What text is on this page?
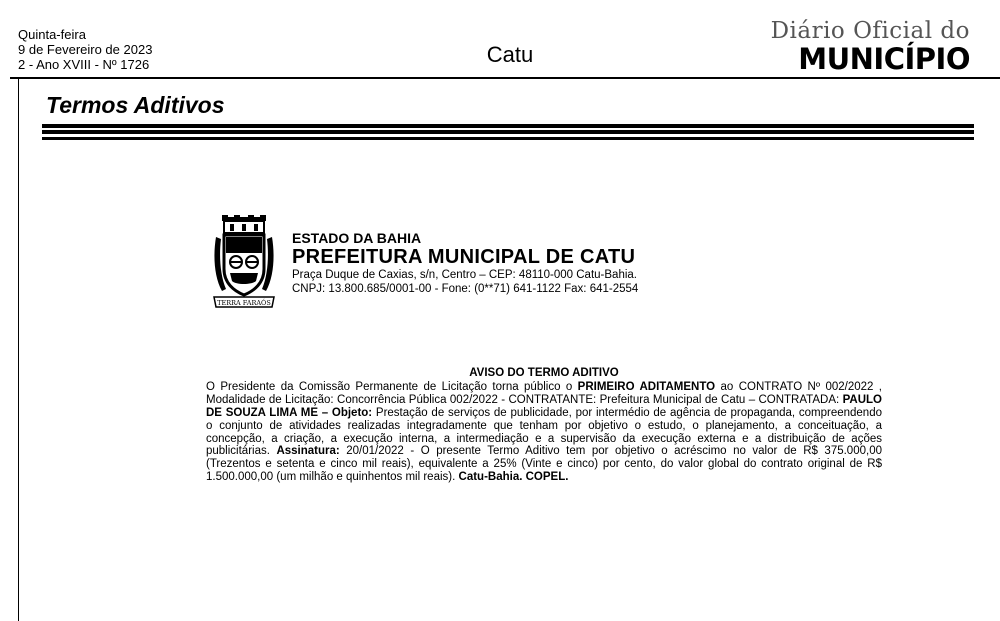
Quinta-feira
9 de Fevereiro de 2023
2 - Ano XVIII - Nº 1726	Catu
Diário Oficial do
MUNICÍPIO
Termos Aditivos
TERRA FARAÓS
ESTADO DA BAHIA
PREFEITURA MUNICIPAL DE CATU
Praça Duque de Caxias, s/n, Centro – CEP: 48110-000 Catu-Bahia.
CNPJ: 13.800.685/0001-00 - Fone: (0**71) 641-1122 Fax: 641-2554
AVISO DO TERMO ADITIVO

O Presidente da Comissão Permanente de Licitação torna público o PRIMEIRO ADITAMENTO ao CONTRATO Nº 002/2022 , Modalidade de Licitação: Concorrência Pública 002/2022 - CONTRATANTE: Prefeitura Municipal de Catu – CONTRATADA: PAULO DE SOUZA LIMA ME – Objeto: Prestação de serviços de publicidade, por intermédio de agência de propaganda, compreendendo o conjunto de atividades realizadas integradamente que tenham por objetivo o estudo, o planejamento, a conceituação, a concepção, a criação, a execução interna, a intermediação e a supervisão da execução externa e a distribuição de ações publicitárias. Assinatura: 20/01/2022 - O presente Termo Aditivo tem por objetivo o acréscimo no valor de R$ 375.000,00 (Trezentos e setenta e cinco mil reais), equivalente a 25% (Vinte e cinco) por cento, do valor global do contrato original de R$ 1.500.000,00 (um milhão e quinhentos mil reais). Catu-Bahia. COPEL.
